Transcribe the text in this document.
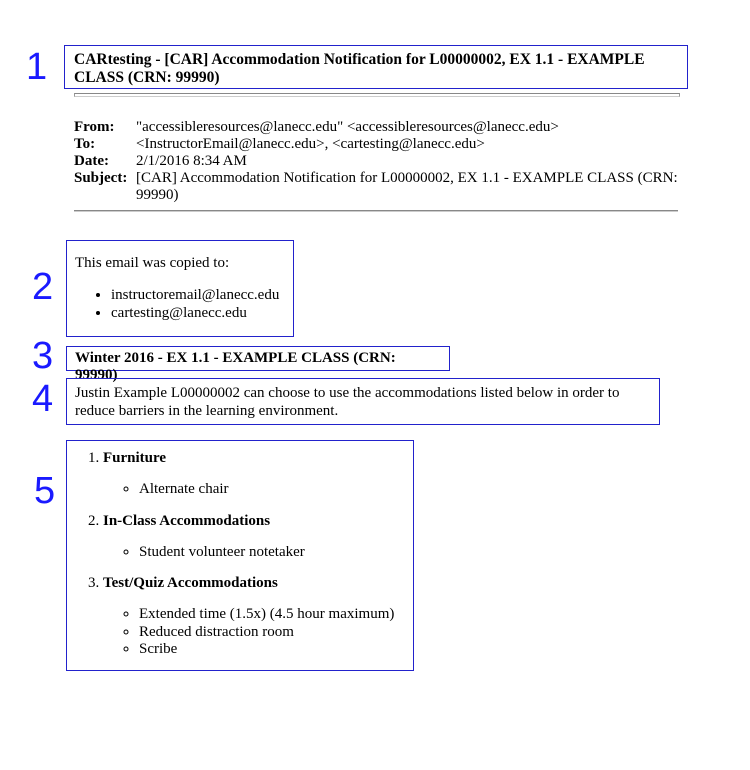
1
2
3
4
5
CARtesting - [CAR] Accommodation Notification for L00000002, EX 1.1 - EXAMPLE CLASS (CRN: 99990)
From:	"accessibleresources@lanecc.edu" <accessibleresources@lanecc.edu>
To:	<InstructorEmail@lanecc.edu>, <cartesting@lanecc.edu>
Date:	2/1/2016 8:34 AM
Subject:	[CAR] Accommodation Notification for L00000002, EX 1.1 - EXAMPLE CLASS (CRN: 99990)

This email was copied to:

• instructoremail@lanecc.edu
• cartesting@lanecc.edu
Winter 2016 - EX 1.1 - EXAMPLE CLASS (CRN: 99990)
Justin Example L00000002 can choose to use the accommodations listed below in order to reduce barriers in the learning environment.
1. Furniture
◦ Alternate chair
2. In-Class Accommodations
◦ Student volunteer notetaker
3. Test/Quiz Accommodations
◦ Extended time (1.5x) (4.5 hour maximum)
◦ Reduced distraction room
◦ Scribe
